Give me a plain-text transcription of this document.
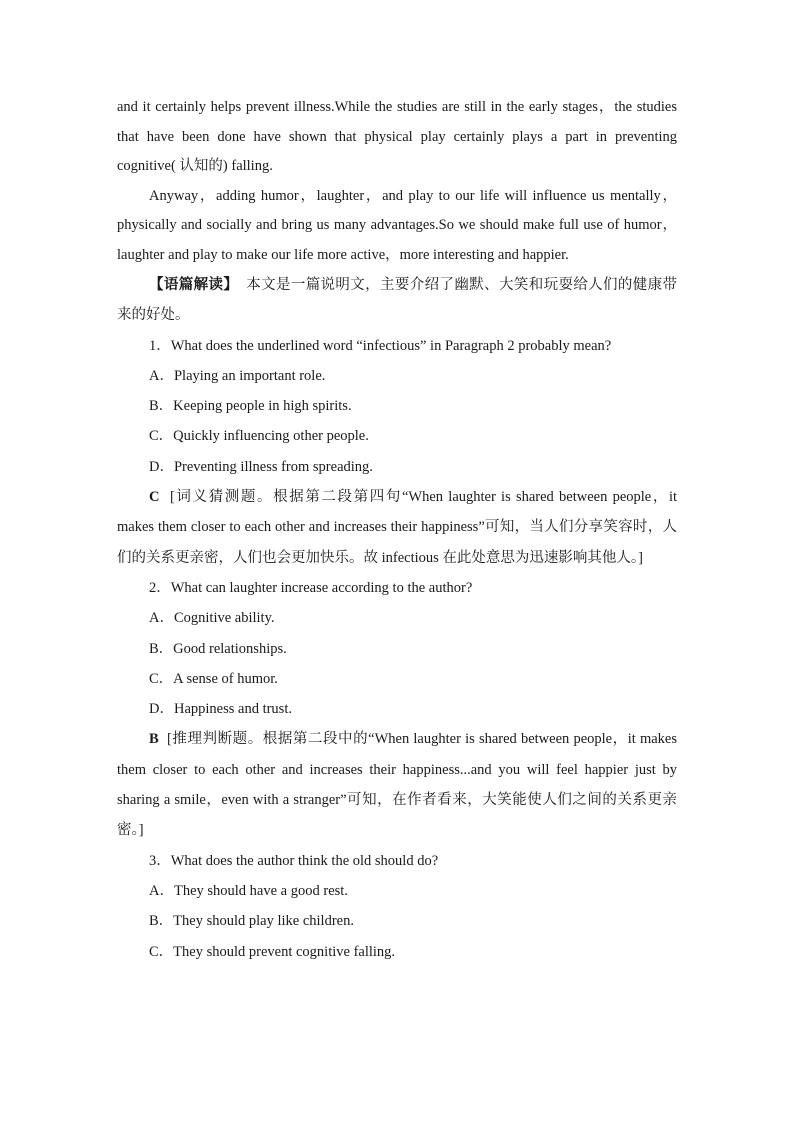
and it certainly helps prevent illness.While the studies are still in the early stages，the studies that have been done have shown that physical play certainly plays a part in preventing cognitive( 认知的) falling.

Anyway，adding humor，laughter，and play to our life will influence us mentally，physically and socially and bring us many advantages.So we should make full use of humor，laughter and play to make our life more active，more interesting and happier.

【语篇解读】 本文是一篇说明文，主要介绍了幽默、大笑和玩耍给人们的健康带来的好处。

1．What does the underlined word “infectious” in Paragraph 2 probably mean?

A．Playing an important role.

B．Keeping people in high spirits.

C．Quickly influencing other people.

D．Preventing illness from spreading.

C [词义猜测题。根据第二段第四句“When laughter is shared between people，it makes them closer to each other and increases their happiness”可知，当人们分享笑容时，人们的关系更亲密，人们也会更加快乐。故 infectious 在此处意思为迅速影响其他人。]

2．What can laughter increase according to the author?

A．Cognitive ability.

B．Good relationships.

C．A sense of humor.

D．Happiness and trust.

B [推理判断题。根据第二段中的“When laughter is shared between people，it makes them closer to each other and increases their happiness...and you will feel happier just by sharing a smile，even with a stranger”可知，在作者看来，大笑能使人们之间的关系更亲密。]

3．What does the author think the old should do?

A．They should have a good rest.

B．They should play like children.

C．They should prevent cognitive falling.
